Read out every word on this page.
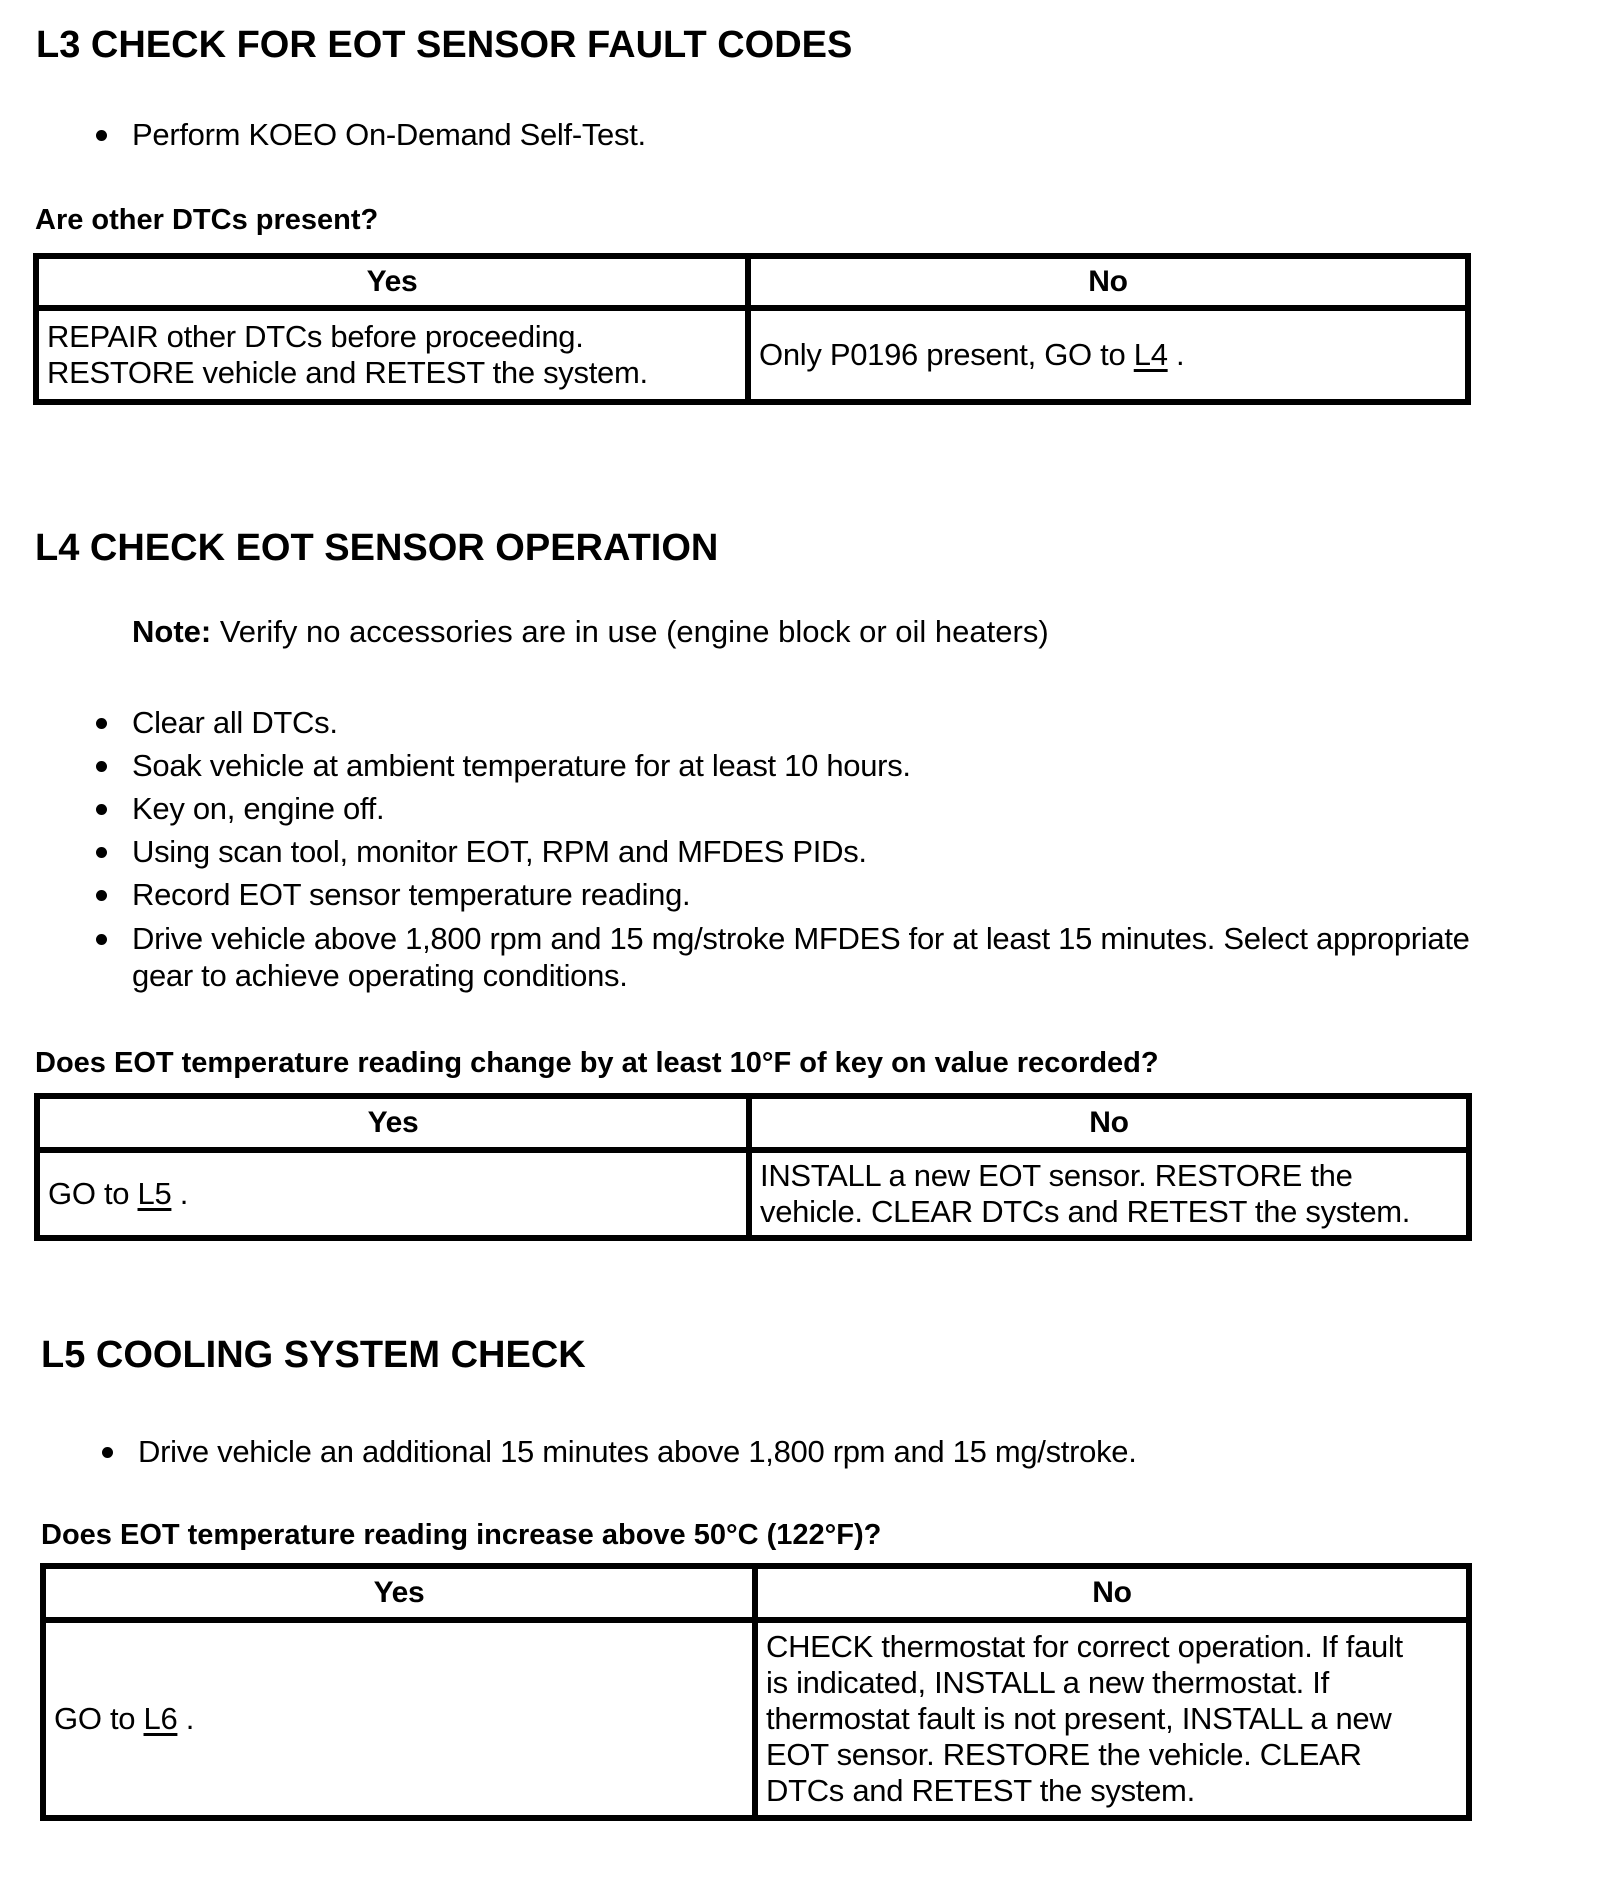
L3 CHECK FOR EOT SENSOR FAULT CODES
Perform KOEO On-Demand Self-Test.
Are other DTCs present?
Yes	No

REPAIR other DTCs before proceeding.
RESTORE vehicle and RETEST the system.	Only P0196 present, GO to L4 .
L4 CHECK EOT SENSOR OPERATION
Note: Verify no accessories are in use (engine block or oil heaters)
Clear all DTCs.
Soak vehicle at ambient temperature for at least 10 hours.
Key on, engine off.
Using scan tool, monitor EOT, RPM and MFDES PIDs.
Record EOT sensor temperature reading.
Drive vehicle above 1,800 rpm and 15 mg/stroke MFDES for at least 15 minutes. Select appropriate
gear to achieve operating conditions.
Does EOT temperature reading change by at least 10°F of key on value recorded?
Yes	No
GO to L5 .	INSTALL a new EOT sensor. RESTORE the
vehicle. CLEAR DTCs and RETEST the system.
L5 COOLING SYSTEM CHECK
Drive vehicle an additional 15 minutes above 1,800 rpm and 15 mg/stroke.
Does EOT temperature reading increase above 50°C (122°F)?
Yes	No
GO to L6 .	CHECK thermostat for correct operation. If fault
is indicated, INSTALL a new thermostat. If
thermostat fault is not present, INSTALL a new
EOT sensor. RESTORE the vehicle. CLEAR
DTCs and RETEST the system.
